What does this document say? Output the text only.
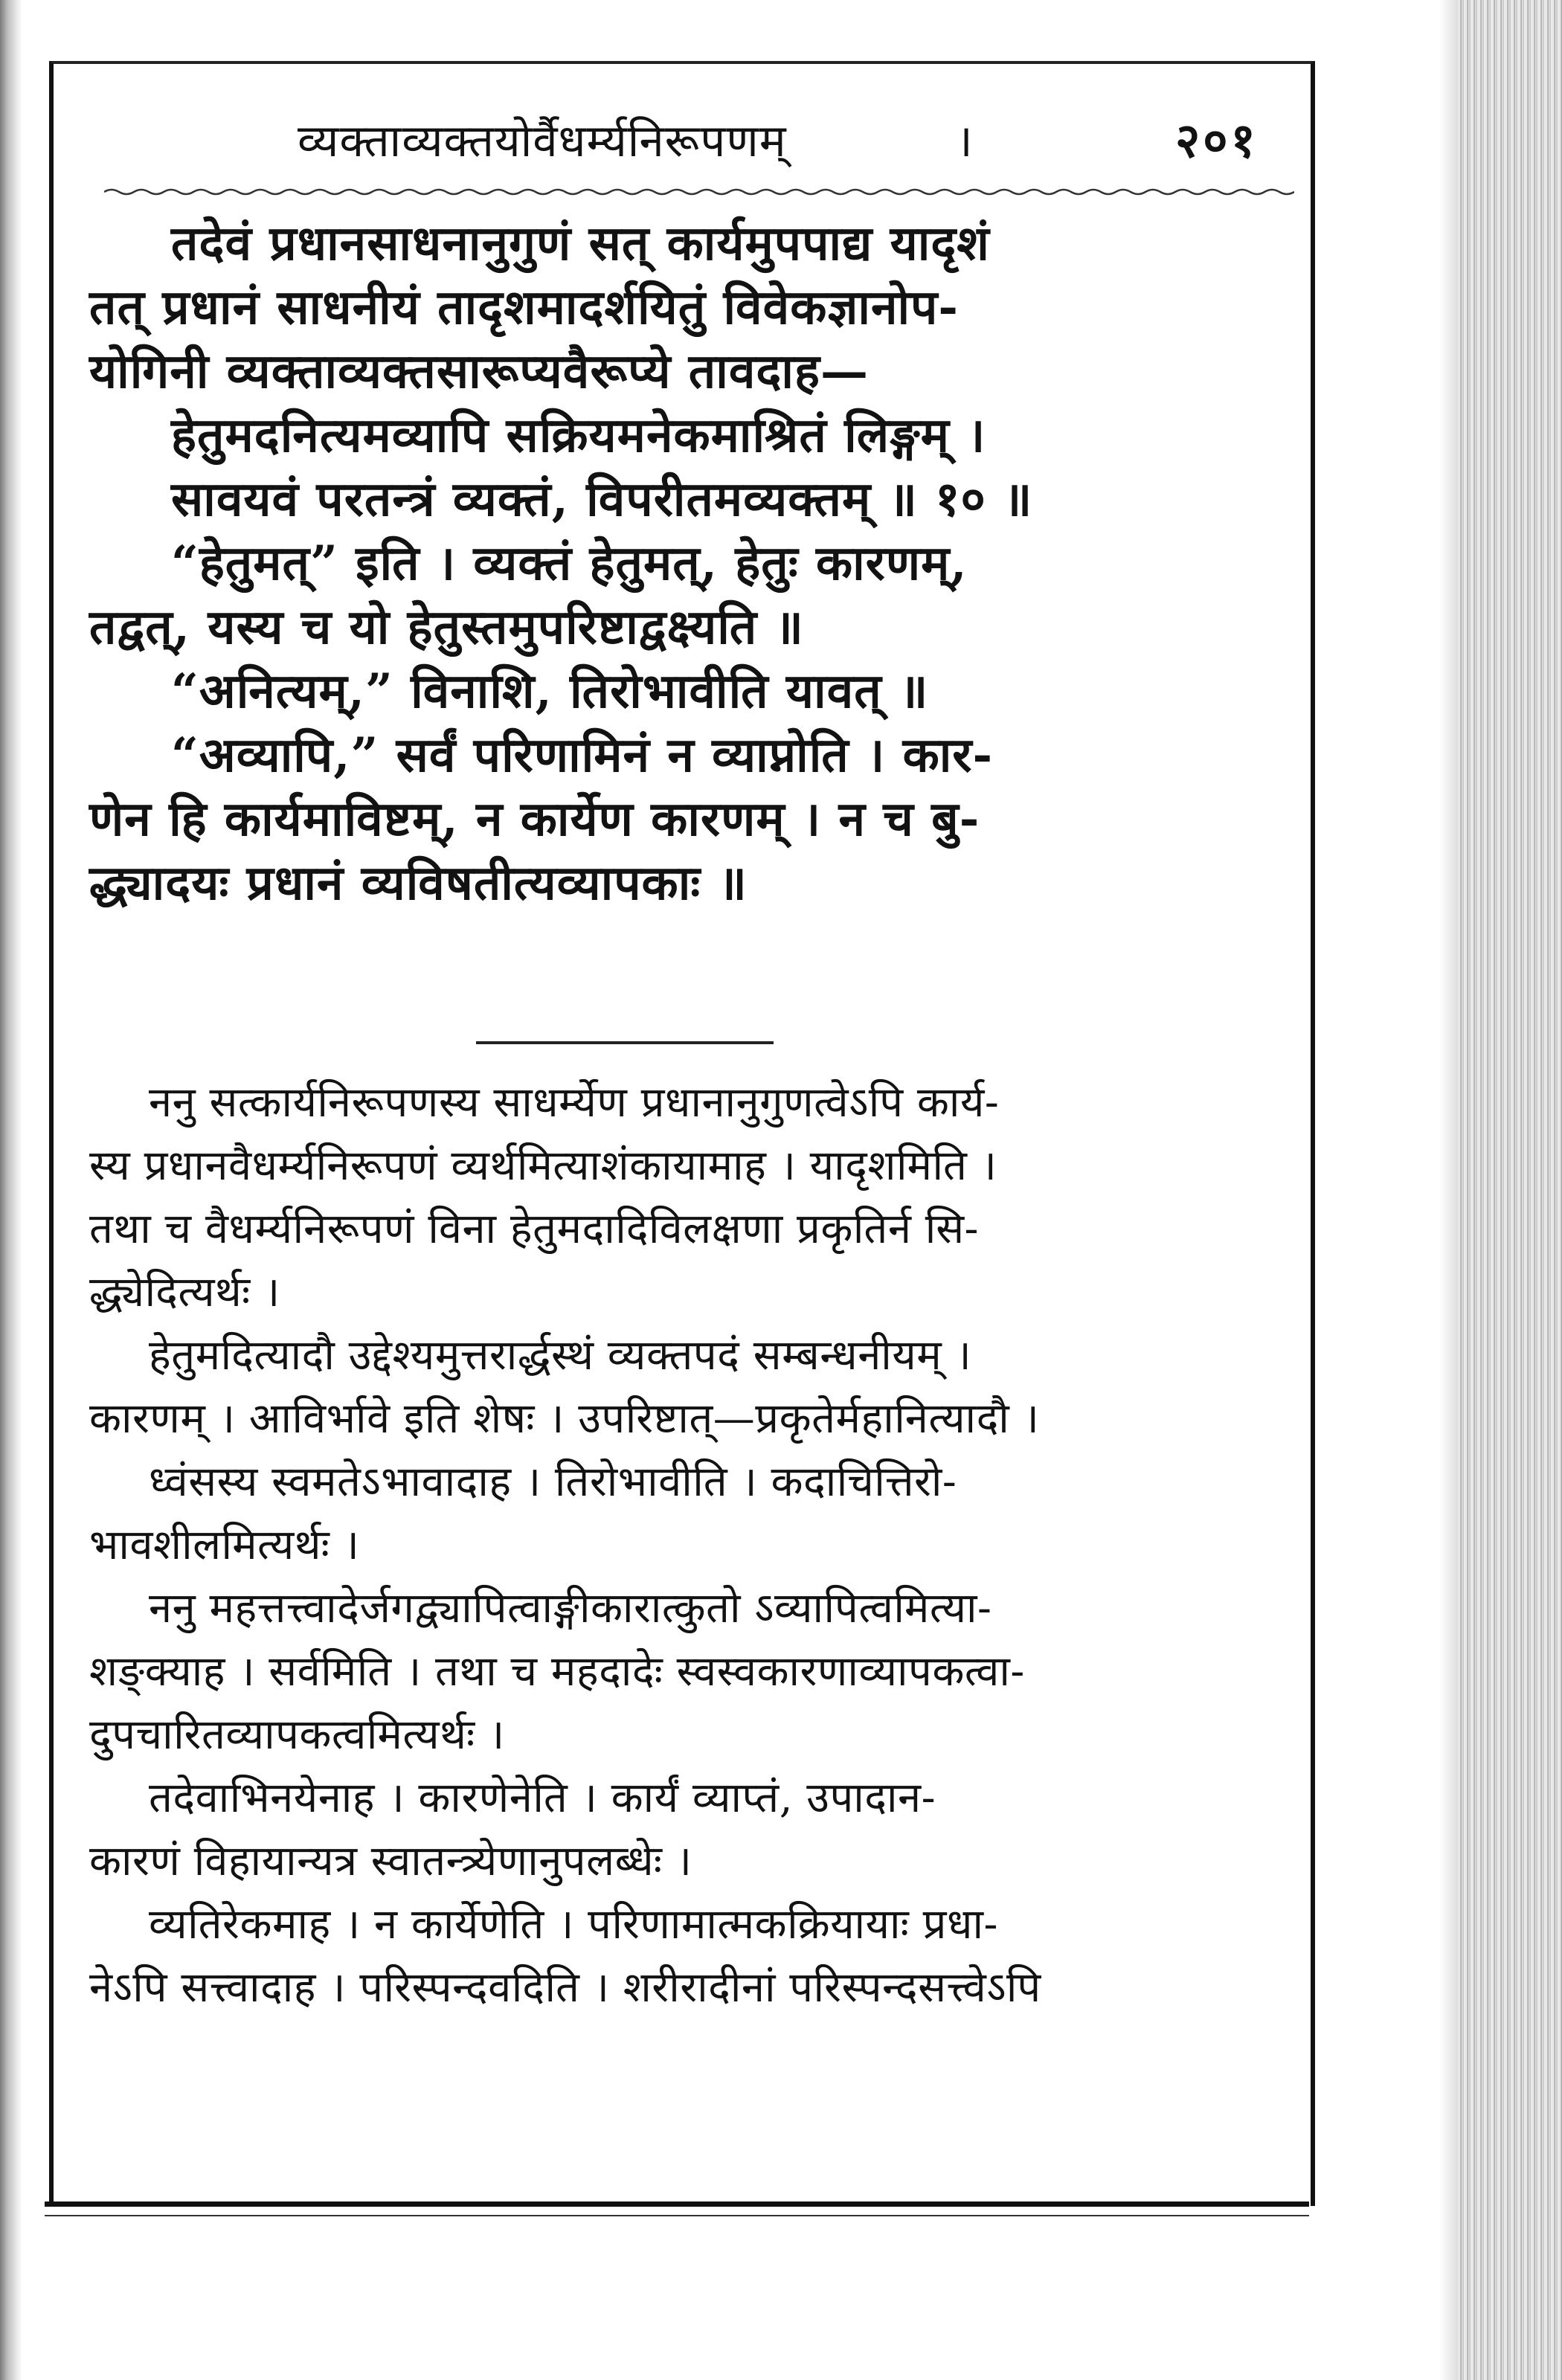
व्यक्ताव्यक्तयोर्वैधर्म्यनिरूपणम्	।	२०१
तदेवं प्रधानसाधनानुगुणं सत् कार्यमुपपाद्य यादृशं
तत् प्रधानं साधनीयं तादृशमादर्शयितुं विवेकज्ञानोप-
योगिनी व्यक्ताव्यक्तसारूप्यवैरूप्ये तावदाह—
हेतुमदनित्यमव्यापि सक्रियमनेकमाश्रितं लिङ्गम् ।
सावयवं परतन्त्रं व्यक्तं, विपरीतमव्यक्तम् ॥ १० ॥
“हेतुमत्” इति । व्यक्तं हेतुमत्, हेतुः कारणम्,
तद्वत्, यस्य च यो हेतुस्तमुपरिष्टाद्वक्ष्यति ॥
“अनित्यम्,” विनाशि, तिरोभावीति यावत् ॥
“अव्यापि,” सर्वं परिणामिनं न व्याप्नोति । कार-
णेन हि कार्यमाविष्टम्, न कार्येण कारणम् । न च बु-
द्ध्यादयः प्रधानं व्यविषतीत्यव्यापकाः ॥
ननु सत्कार्यनिरूपणस्य साधर्म्येण प्रधानानुगुणत्वेऽपि कार्य-
स्य प्रधानवैधर्म्यनिरूपणं व्यर्थमित्याशंकायामाह । यादृशमिति ।
तथा च वैधर्म्यनिरूपणं विना हेतुमदादिविलक्षणा प्रकृतिर्न सि-
द्ध्येदित्यर्थः ।
हेतुमदित्यादौ उद्देश्यमुत्तरार्द्धस्थं व्यक्तपदं सम्बन्धनीयम् ।
कारणम् । आविर्भावे इति शेषः । उपरिष्टात्—प्रकृतेर्महानित्यादौ ।
ध्वंसस्य स्वमतेऽभावादाह । तिरोभावीति । कदाचित्तिरो-
भावशीलमित्यर्थः ।
ननु महत्तत्त्वादेर्जगद्व्यापित्वाङ्गीकारात्कुतो ऽव्यापित्वमित्या-
शङ्क्याह । सर्वमिति । तथा च महदादेः स्वस्वकारणाव्यापकत्वा-
दुपचारितव्यापकत्वमित्यर्थः ।
तदेवाभिनयेनाह । कारणेनेति । कार्यं व्याप्तं, उपादान-
कारणं विहायान्यत्र स्वातन्त्र्येणानुपलब्धेः ।
व्यतिरेकमाह । न कार्येणेति । परिणामात्मकक्रियायाः प्रधा-
नेऽपि सत्त्वादाह । परिस्पन्दवदिति । शरीरादीनां परिस्पन्दसत्त्वेऽपि
